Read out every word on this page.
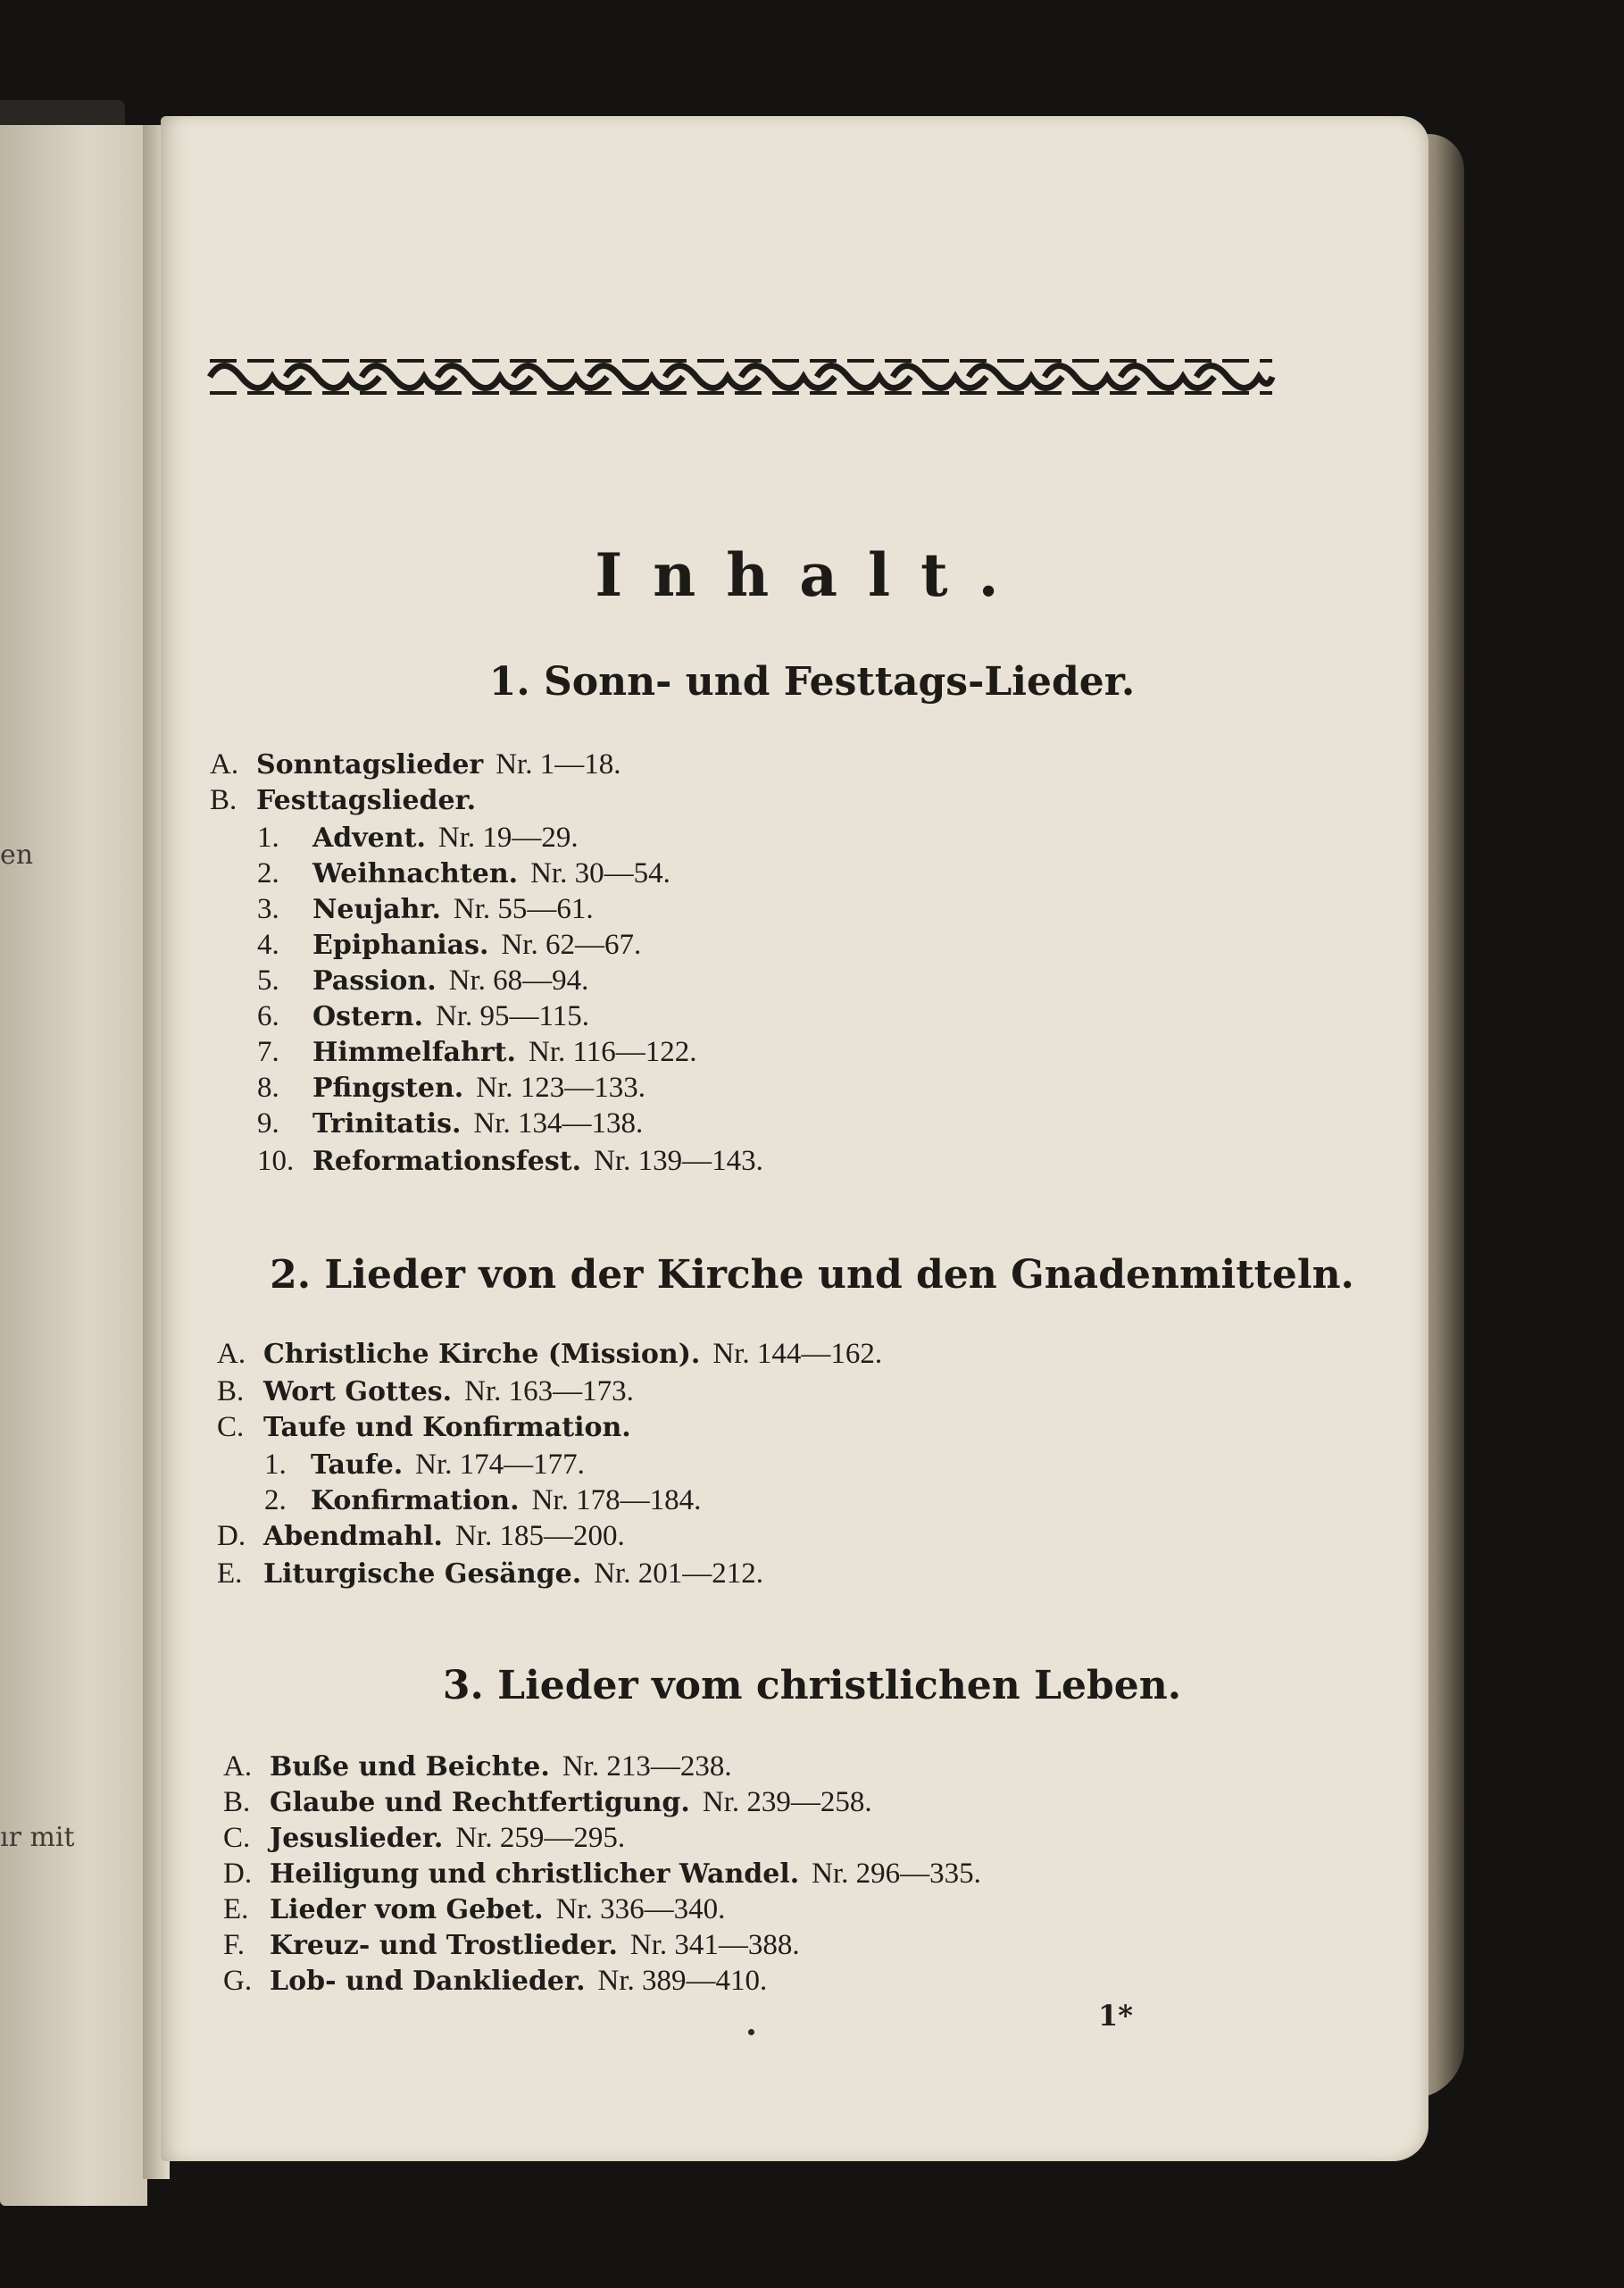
en
ır mit
Inhalt.
1. Sonn- und Festtags-Lieder.
2. Lieder von der Kirche und den Gnadenmitteln.
3. Lieder vom christlichen Leben.
A. Sonntagslieder Nr. 1—18.
B. Festtagslieder.
1. Advent. Nr. 19—29.
2. Weihnachten. Nr. 30—54.
3. Neujahr. Nr. 55—61.
4. Epiphanias. Nr. 62—67.
5. Passion. Nr. 68—94.
6. Ostern. Nr. 95—115.
7. Himmelfahrt. Nr. 116—122.
8. Pfingsten. Nr. 123—133.
9. Trinitatis. Nr. 134—138.
10. Reformationsfest. Nr. 139—143.
A. Christliche Kirche (Mission). Nr. 144—162.
B. Wort Gottes. Nr. 163—173.
C. Taufe und Konfirmation.
1. Taufe. Nr. 174—177.
2. Konfirmation. Nr. 178—184.
D. Abendmahl. Nr. 185—200.
E. Liturgische Gesänge. Nr. 201—212.
A. Buße und Beichte. Nr. 213—238.
B. Glaube und Rechtfertigung. Nr. 239—258.
C. Jesuslieder. Nr. 259—295.
D. Heiligung und christlicher Wandel. Nr. 296—335.
E. Lieder vom Gebet. Nr. 336—340.
F. Kreuz- und Trostlieder. Nr. 341—388.
G. Lob- und Danklieder. Nr. 389—410.
1*
